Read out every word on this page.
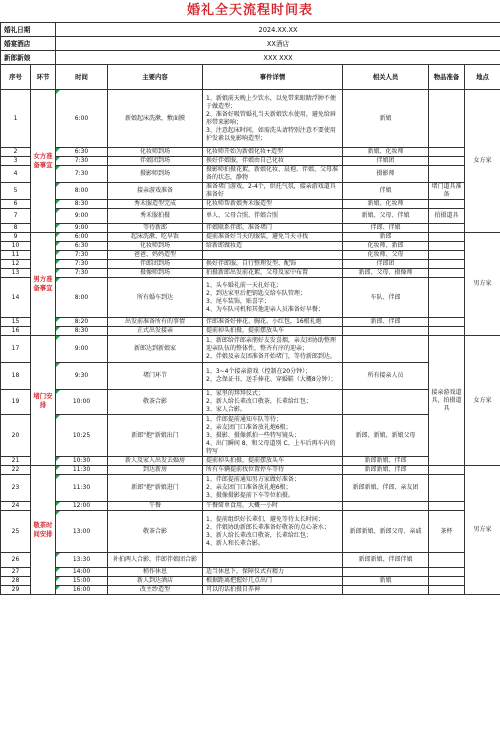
婚礼全天流程时间表
婚礼日期		2024.XX.XX					
婚宴酒店		XX酒店					
新郎新娘		XXX XXX					
序号	环节	时间	主要内容	事件详情	相关人员	物品准备	地点
1	女方准备事宜	6:00	新娘起床洗漱，敷面膜	1、新娘前天晚上少饮水，以免带来眼睛浮肿不便于做造型；
2、准备好吸管婚礼当天新娘饮水使用，避免给唇形带来影响；
3、注意起床时间，如需洗头请特别注意不要使用护发素以免影响造型；	新娘		女方家
2		6:30	化妆师到场	化妆师开始为新娘化妆+造型	新娘、化妆师		
3		7:30	伴娘团到场	换好伴娘服，伴娘由自己化妆	伴娘团		
4		7:30	摄影师到场	摄影师拍摄花絮，新娘化妆、晨袍、伴娘、父母准备的状态，静物	摄影师		
5		8:00	接亲游戏准备	准备堵门游戏，2-4个，烘托气氛，接亲游戏道具准备好	伴娘	堵门道具准备	
6		8:30	秀禾服造型完成	化妆师帮新娘秀禾服造型	新娘、化妆师		
7		9:00	秀禾服拍摄	单人、父母合照、伴娘合照	新娘、父母、伴娘	拍摄道具	
8		9:00	等待新郎	伴娘联系伴郎，准备堵门	伴郎、伴娘		
9	男方准备事宜	6:00	起床洗漱、吃早饭	提前准备好当天的服装，避免当天寻找	新郎		男方家
10		6:30	化妆师到场	给新郎做妆造	化妆师、新郎		
11		7:30	爸爸、妈妈造型		化妆师、父母		
12		7:30	伴郎团到场	换好伴郎服，自行整理发型、配饰	伴郎团		
13		7:30	摄像师到场	拍摄新郎出发前花絮，父母及家中布置	新郎、父母、摄像师		
14		8:00	所有婚车到达	1、头车婚礼前一天扎好花；
2、到达家里后把钥匙交给车队管理；
3、尾车装饰，贴喜字；
4、为车队司机和其他迎亲人员准备好早餐；	车队、伴郎		
15		8:20	出发前准备所有的事情	伴郎准备好捧花、胸花、小红包，16根礼炮	新郎、伴郎		
16		8:30	正式出发接亲	提前掉头拍摄，提前摆放头车			
17	堵门安排	9:00	新郎达到新娘家	1、新郎给伴郎亲朋好友发喜烟，亲友团协助整理迎亲队伍的整体性，整齐有序的迎亲；
2、伴娘及亲友团准备开始堵门，等待新郎到达。		接亲游戏道具，拍摄道具	女方家
18		9:30	堵门环节	1、3~4个接亲游戏（控制在20分钟）；
2、念保证书、送手捧花、穿婚鞋（大概8分钟）；	所有接亲人员		
19		10:00	敬茶合影	1、家里的拜拜仪式；
2、新人给长辈改口敬茶，长辈给红包；
3、家人合影。			
20		10:25	新郎"抱"新娘出门	1、伴郎提前通知车队等待；
2、亲友团门口准备放礼炮6根；
3、摄影、摄像抓拍一些特写镜头；
4、出门瞬间 8、和父母道别 C、上车后再车内的特写	新郎、新娘、新娘父母		
21		10:30	新人及家人出发去婚房	提前掉头拍摄，提前摆放头车	新郎新娘、伴郎		
22	敬茶时间安排	11:30	到达新房	所有车辆提前找位置停车等待	新郎新娘、伴郎		男方家
23		11:30	新郎"抱"新娘进门	1、伴郎提前通知男方家做好准备；
2、亲友团门口准备放礼炮6根；
3、摄像摄影提前下车等位拍摄。	新郎新娘、伴郎、亲友团		
24		12:00	午餐	午餐简单食用，大概一小时			
25		13:00	敬茶合影	1、提前组织好长辈们，避免等待太长时间；
2、伴娘协助新郎长辈准备好敬茶的点心茶水；
3、新人给长辈改口敬茶，长辈给红包；
4、新人和长辈合影。	新郎新娘、新郎父母、亲戚	茶杯	
26		13:30	补拍两人合影，伴郎伴娘团合影		新郎新娘、伴郎伴娘		
27		14:00	稍作休息	适当休息下，保障仪式有精力			
28		15:00	新人到达酒店	根据距离把握好几点出门	新娘		
29		16:00	改主纱造型	可以的话拍摄自养神			
